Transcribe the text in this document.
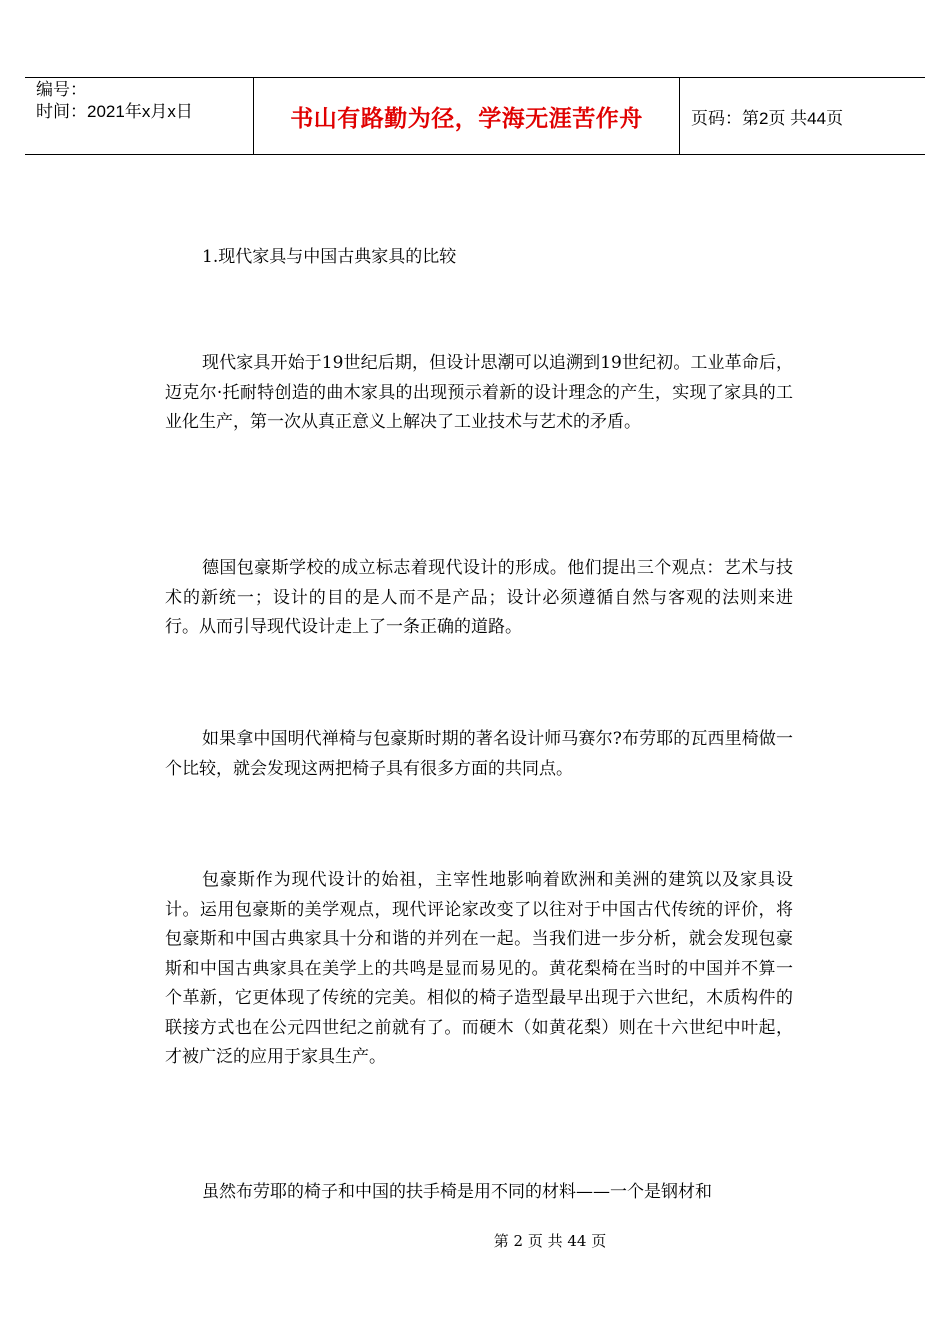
编号：
时间：2021年x月x日	书山有路勤为径，学海无涯苦作舟	页码：第2页 共44页
1.现代家具与中国古典家具的比较

现代家具开始于19世纪后期，但设计思潮可以追溯到19世纪初。工业革命后，迈克尔·托耐特创造的曲木家具的出现预示着新的设计理念的产生，实现了家具的工业化生产，第一次从真正意义上解决了工业技术与艺术的矛盾。

德国包豪斯学校的成立标志着现代设计的形成。他们提出三个观点：艺术与技术的新统一；设计的目的是人而不是产品；设计必须遵循自然与客观的法则来进行。从而引导现代设计走上了一条正确的道路。

如果拿中国明代禅椅与包豪斯时期的著名设计师马赛尔?布劳耶的瓦西里椅做一个比较，就会发现这两把椅子具有很多方面的共同点。

包豪斯作为现代设计的始祖，主宰性地影响着欧洲和美洲的建筑以及家具设计。运用包豪斯的美学观点，现代评论家改变了以往对于中国古代传统的评价，将包豪斯和中国古典家具十分和谐的并列在一起。当我们进一步分析，就会发现包豪斯和中国古典家具在美学上的共鸣是显而易见的。黄花梨椅在当时的中国并不算一个革新，它更体现了传统的完美。相似的椅子造型最早出现于六世纪，木质构件的联接方式也在公元四世纪之前就有了。而硬木（如黄花梨）则在十六世纪中叶起，才被广泛的应用于家具生产。

虽然布劳耶的椅子和中国的扶手椅是用不同的材料——一个是钢材和

第 2 页 共 44 页
